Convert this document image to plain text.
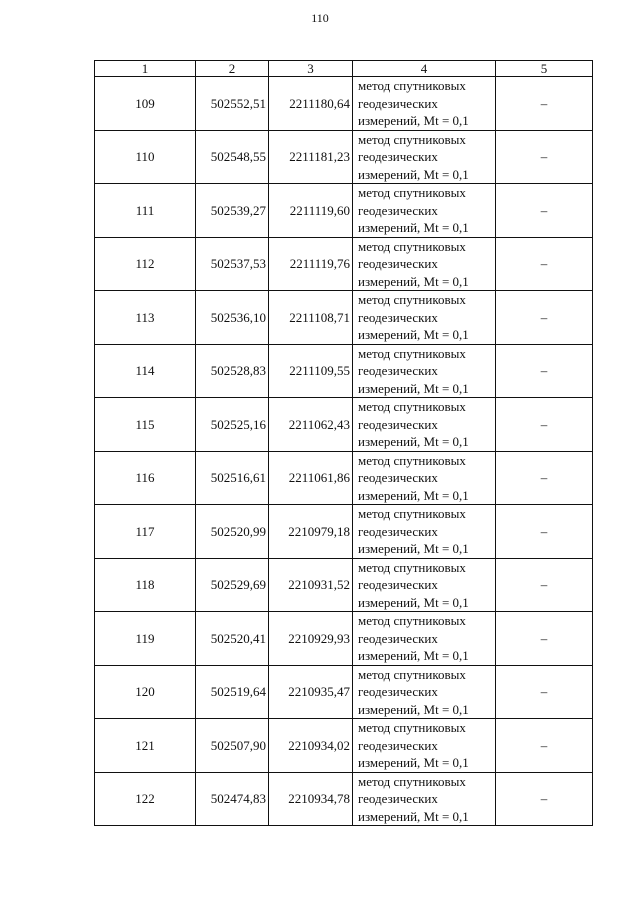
110
1	2	3	4	5
109	502552,51	2211180,64	метод спутниковых
геодезических
измерений, Mt = 0,1	–
110	502548,55	2211181,23	метод спутниковых
геодезических
измерений, Mt = 0,1	–
111	502539,27	2211119,60	метод спутниковых
геодезических
измерений, Mt = 0,1	–
112	502537,53	2211119,76	метод спутниковых
геодезических
измерений, Mt = 0,1	–
113	502536,10	2211108,71	метод спутниковых
геодезических
измерений, Mt = 0,1	–
114	502528,83	2211109,55	метод спутниковых
геодезических
измерений, Mt = 0,1	–
115	502525,16	2211062,43	метод спутниковых
геодезических
измерений, Mt = 0,1	–
116	502516,61	2211061,86	метод спутниковых
геодезических
измерений, Mt = 0,1	–
117	502520,99	2210979,18	метод спутниковых
геодезических
измерений, Mt = 0,1	–
118	502529,69	2210931,52	метод спутниковых
геодезических
измерений, Mt = 0,1	–
119	502520,41	2210929,93	метод спутниковых
геодезических
измерений, Mt = 0,1	–
120	502519,64	2210935,47	метод спутниковых
геодезических
измерений, Mt = 0,1	–
121	502507,90	2210934,02	метод спутниковых
геодезических
измерений, Mt = 0,1	–
122	502474,83	2210934,78	метод спутниковых
геодезических
измерений, Mt = 0,1	–
